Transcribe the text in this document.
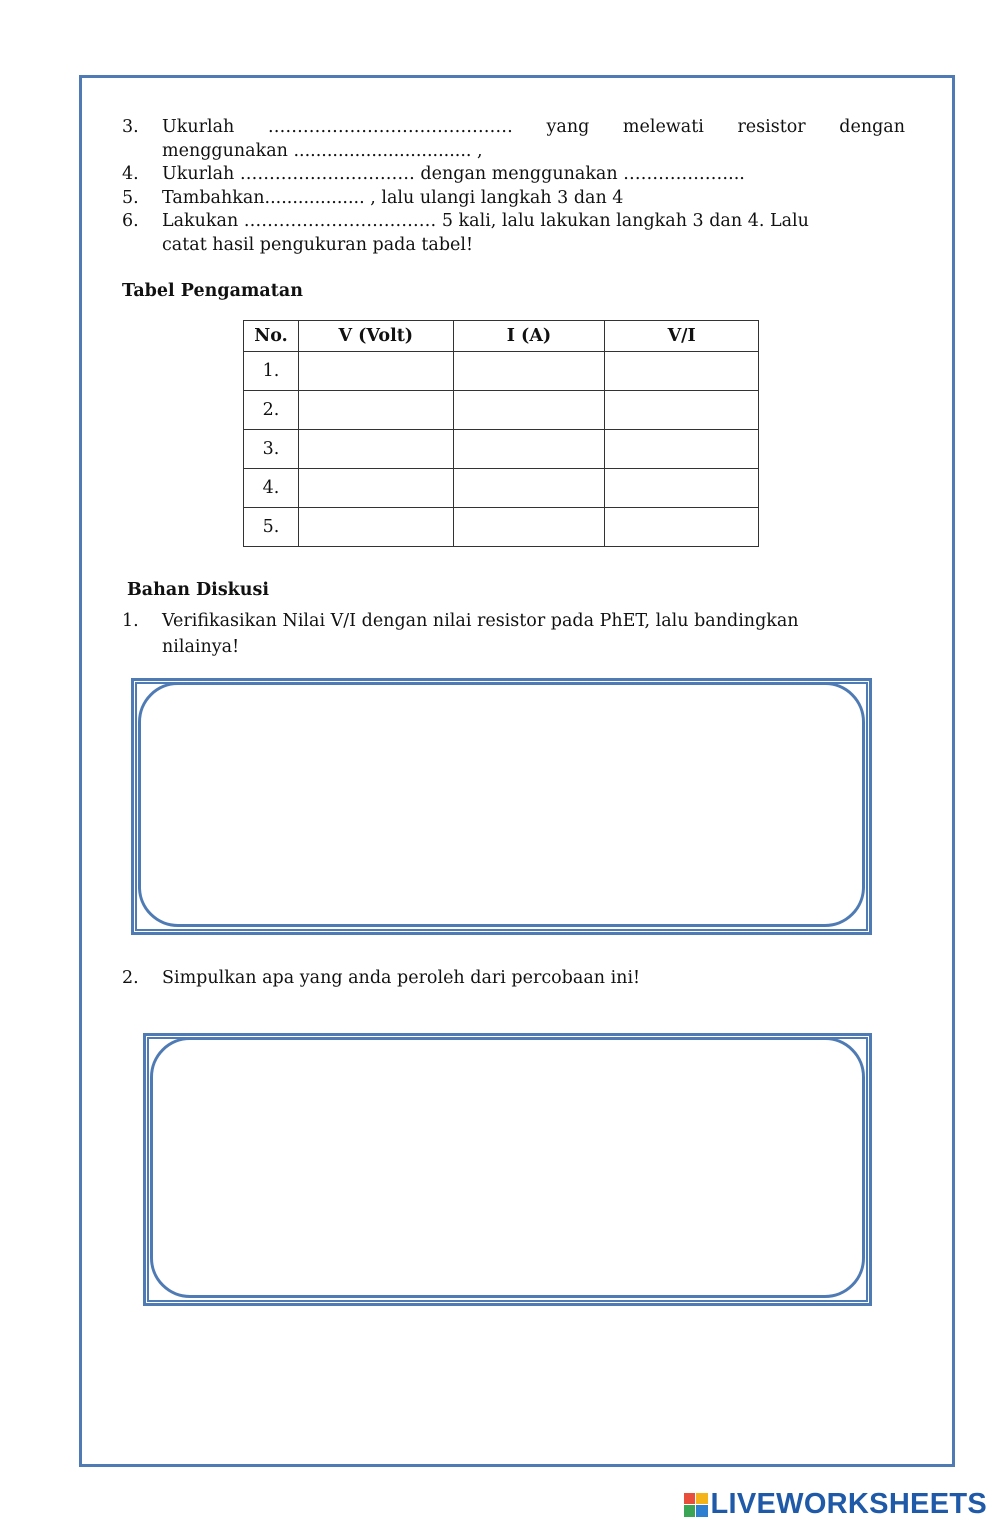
3.	Ukurlah …………………………………… yang melewati resistor dengan
menggunakan ................................ ,
4.	Ukurlah ………………………… dengan menggunakan ………………...
5.	Tambahkan.................. , lalu ulangi langkah 3 dan 4
6.	Lakukan …………………………… 5 kali, lalu lakukan langkah 3 dan 4. Lalu
catat hasil pengukuran pada tabel!
Tabel Pengamatan
No.	V (Volt)	I (A)	V/I
1.			
2.			
3.			
4.			
5.			
Bahan Diskusi
1.	Verifikasikan Nilai V/I dengan nilai resistor pada PhET, lalu bandingkan
nilainya!
2.	Simpulkan apa yang anda peroleh dari percobaan ini!
LIVEWORKSHEETS
